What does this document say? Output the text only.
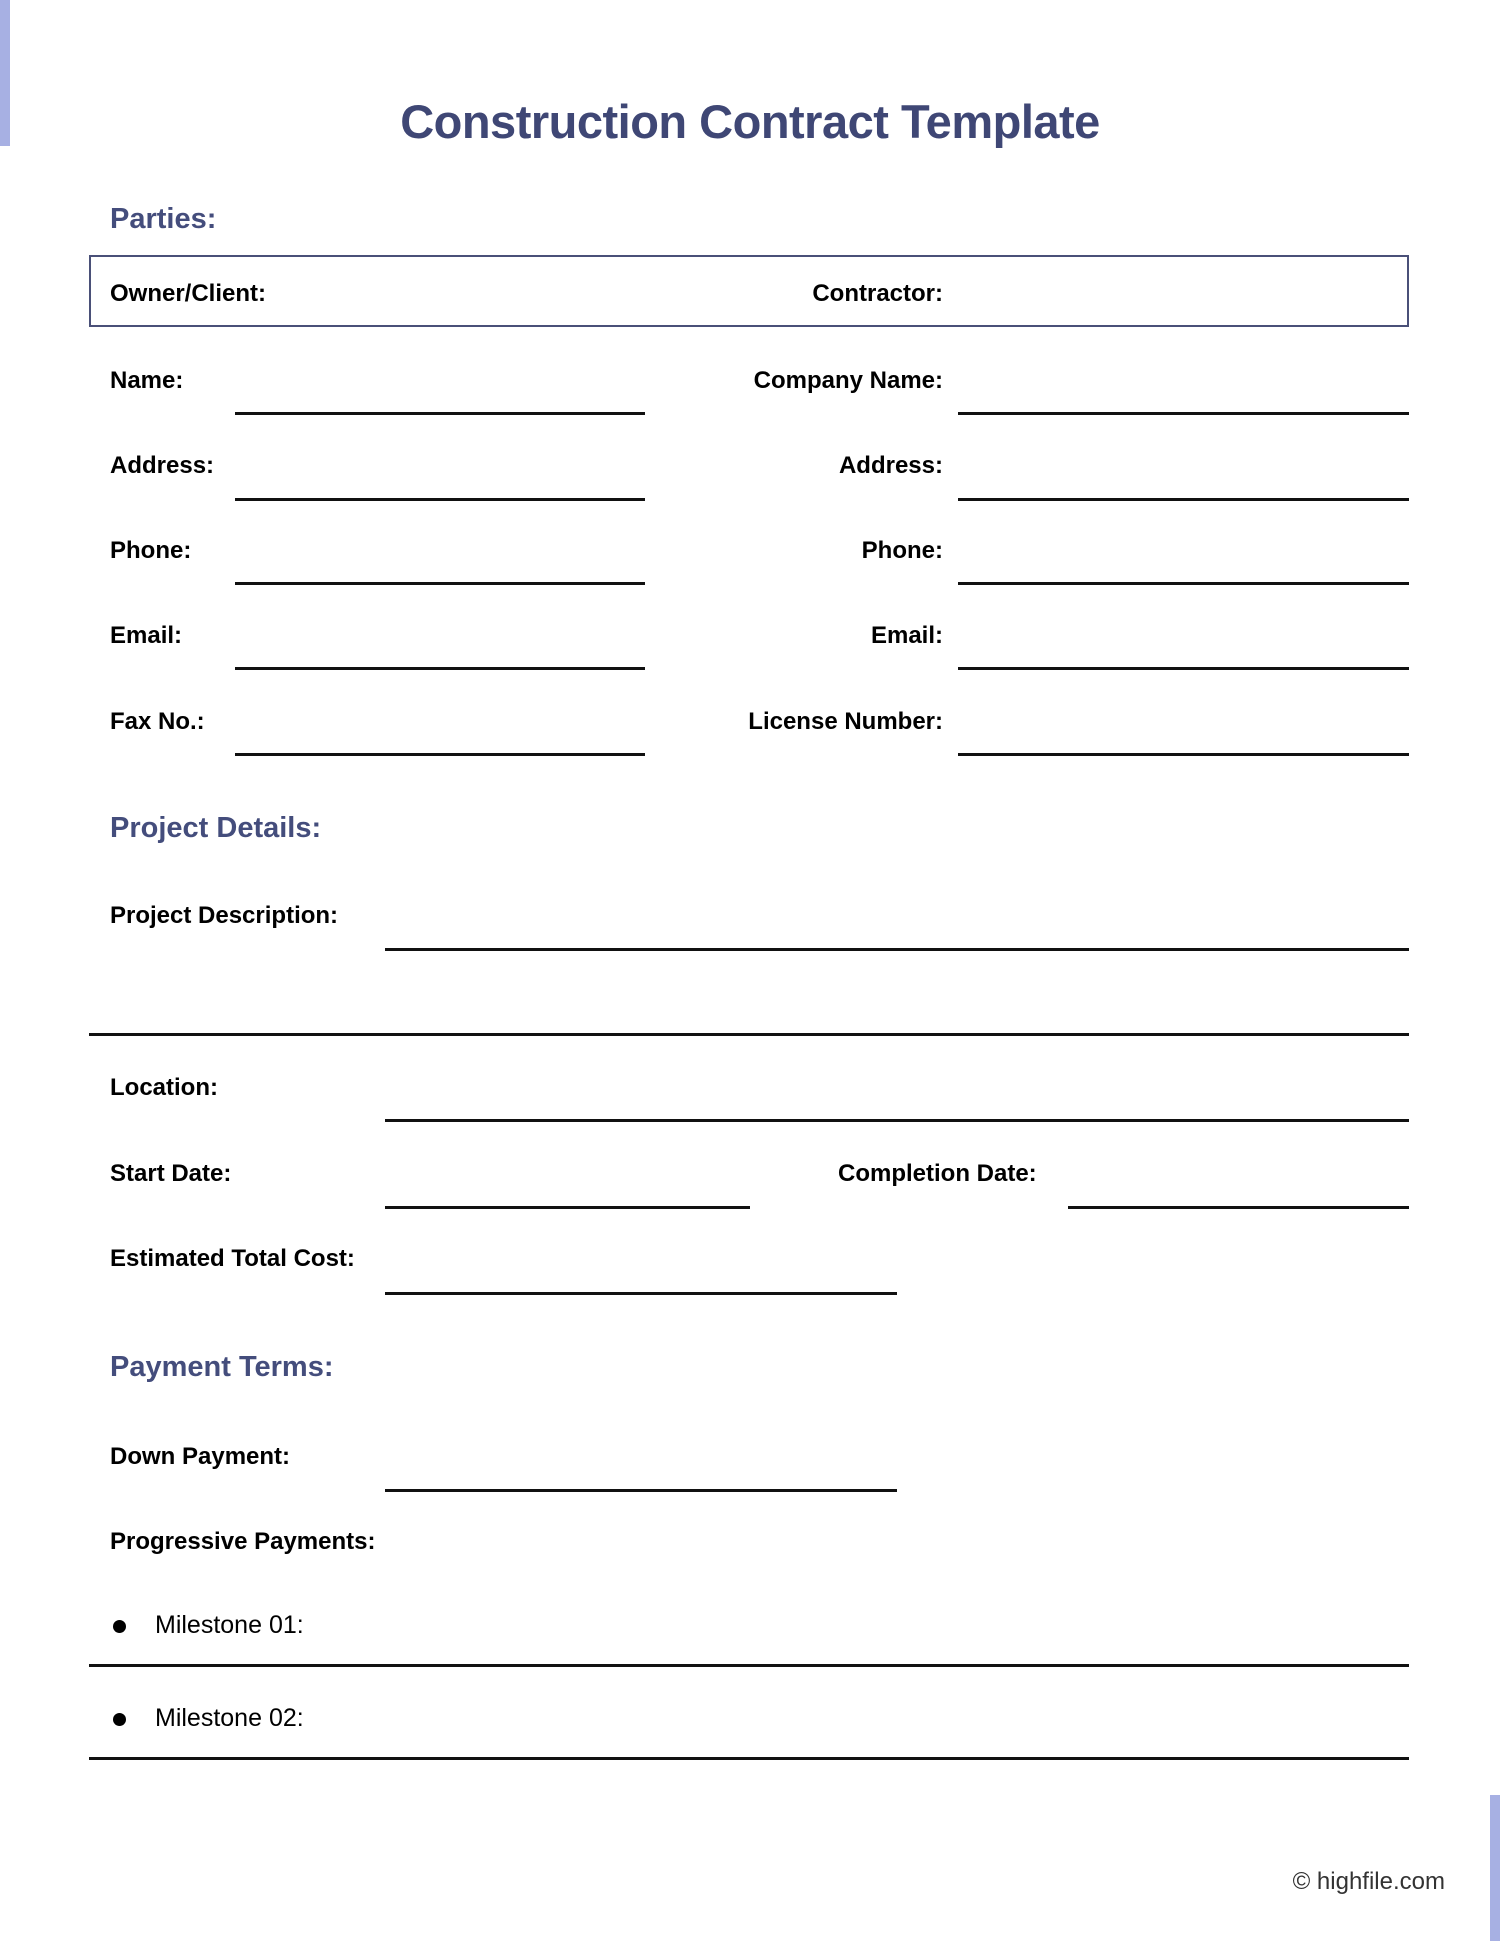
Construction Contract Template
Parties:
Owner/Client:	Contractor:
Name:
Address:
Phone:
Email:
Fax No.:
Company Name:
Address:
Phone:
Email:
License Number:
Project Details:
Project Description:
Location:
Start Date:	Completion Date:
Estimated Total Cost:
Payment Terms:
Down Payment:
Progressive Payments:
Milestone 01:
Milestone 02:
© highfile.com
